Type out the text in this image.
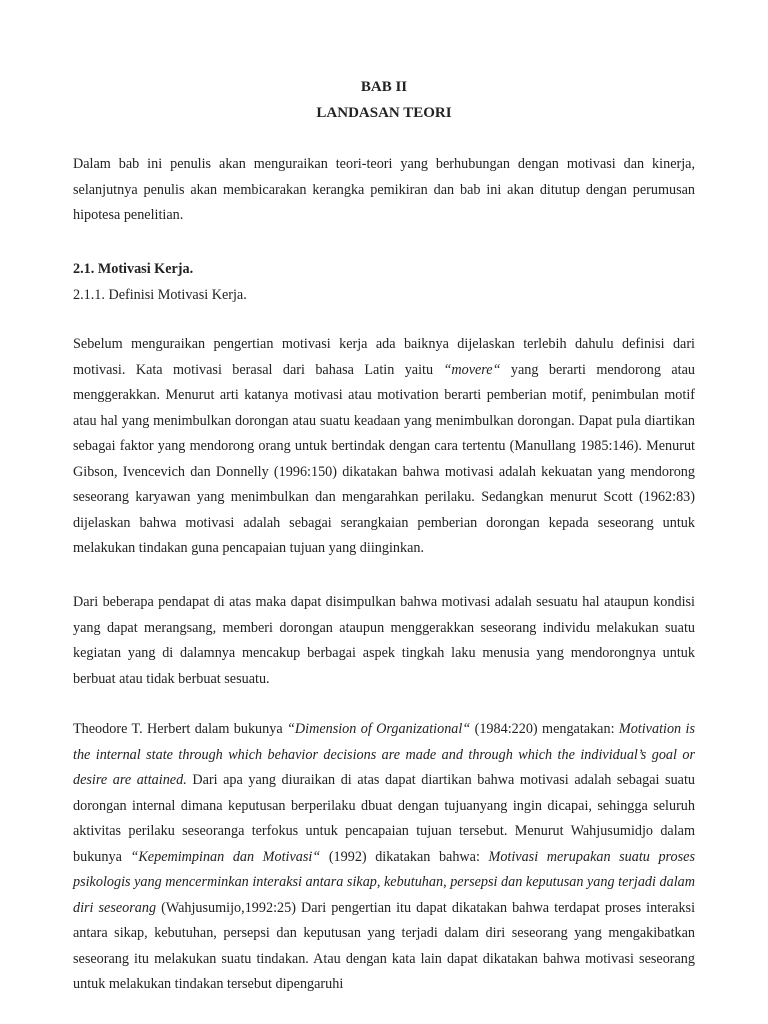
BAB II
LANDASAN TEORI

Dalam bab ini penulis akan menguraikan teori-teori yang berhubungan dengan motivasi dan kinerja, selanjutnya penulis akan membicarakan kerangka pemikiran dan bab ini akan ditutup dengan perumusan hipotesa penelitian.

2.1. Motivasi Kerja.
2.1.1. Definisi Motivasi Kerja.

Sebelum menguraikan pengertian motivasi kerja ada baiknya dijelaskan terlebih dahulu definisi dari motivasi. Kata motivasi berasal dari bahasa Latin yaitu “movere“ yang berarti mendorong atau menggerakkan. Menurut arti katanya motivasi atau motivation berarti pemberian motif, penimbulan motif atau hal yang menimbulkan dorongan atau suatu keadaan yang menimbulkan dorongan. Dapat pula diartikan sebagai faktor yang mendorong orang untuk bertindak dengan cara tertentu (Manullang 1985:146). Menurut Gibson, Ivencevich dan Donnelly (1996:150) dikatakan bahwa motivasi adalah kekuatan yang mendorong seseorang karyawan yang menimbulkan dan mengarahkan perilaku. Sedangkan menurut Scott (1962:83) dijelaskan bahwa motivasi adalah sebagai serangkaian pemberian dorongan kepada seseorang untuk melakukan tindakan guna pencapaian tujuan yang diinginkan.

Dari beberapa pendapat di atas maka dapat disimpulkan bahwa motivasi adalah sesuatu hal ataupun kondisi yang dapat merangsang, memberi dorongan ataupun menggerakkan seseorang individu melakukan suatu kegiatan yang di dalamnya mencakup berbagai aspek tingkah laku menusia yang mendorongnya untuk berbuat atau tidak berbuat sesuatu.

Theodore T. Herbert dalam bukunya “Dimension of Organizational“ (1984:220) mengatakan: Motivation is the internal state through which behavior decisions are made and through which the individual’s goal or desire are attained. Dari apa yang diuraikan di atas dapat diartikan bahwa motivasi adalah sebagai suatu dorongan internal dimana keputusan berperilaku dbuat dengan tujuanyang ingin dicapai, sehingga seluruh aktivitas perilaku seseoranga terfokus untuk pencapaian tujuan tersebut. Menurut Wahjusumidjo dalam bukunya “Kepemimpinan dan Motivasi“ (1992) dikatakan bahwa: Motivasi merupakan suatu proses psikologis yang mencerminkan interaksi antara sikap, kebutuhan, persepsi dan keputusan yang terjadi dalam diri seseorang (Wahjusumijo,1992:25) Dari pengertian itu dapat dikatakan bahwa terdapat proses interaksi antara sikap, kebutuhan, persepsi dan keputusan yang terjadi dalam diri seseorang yang mengakibatkan seseorang itu melakukan suatu tindakan. Atau dengan kata lain dapat dikatakan bahwa motivasi seseorang untuk melakukan tindakan tersebut dipengaruhi
